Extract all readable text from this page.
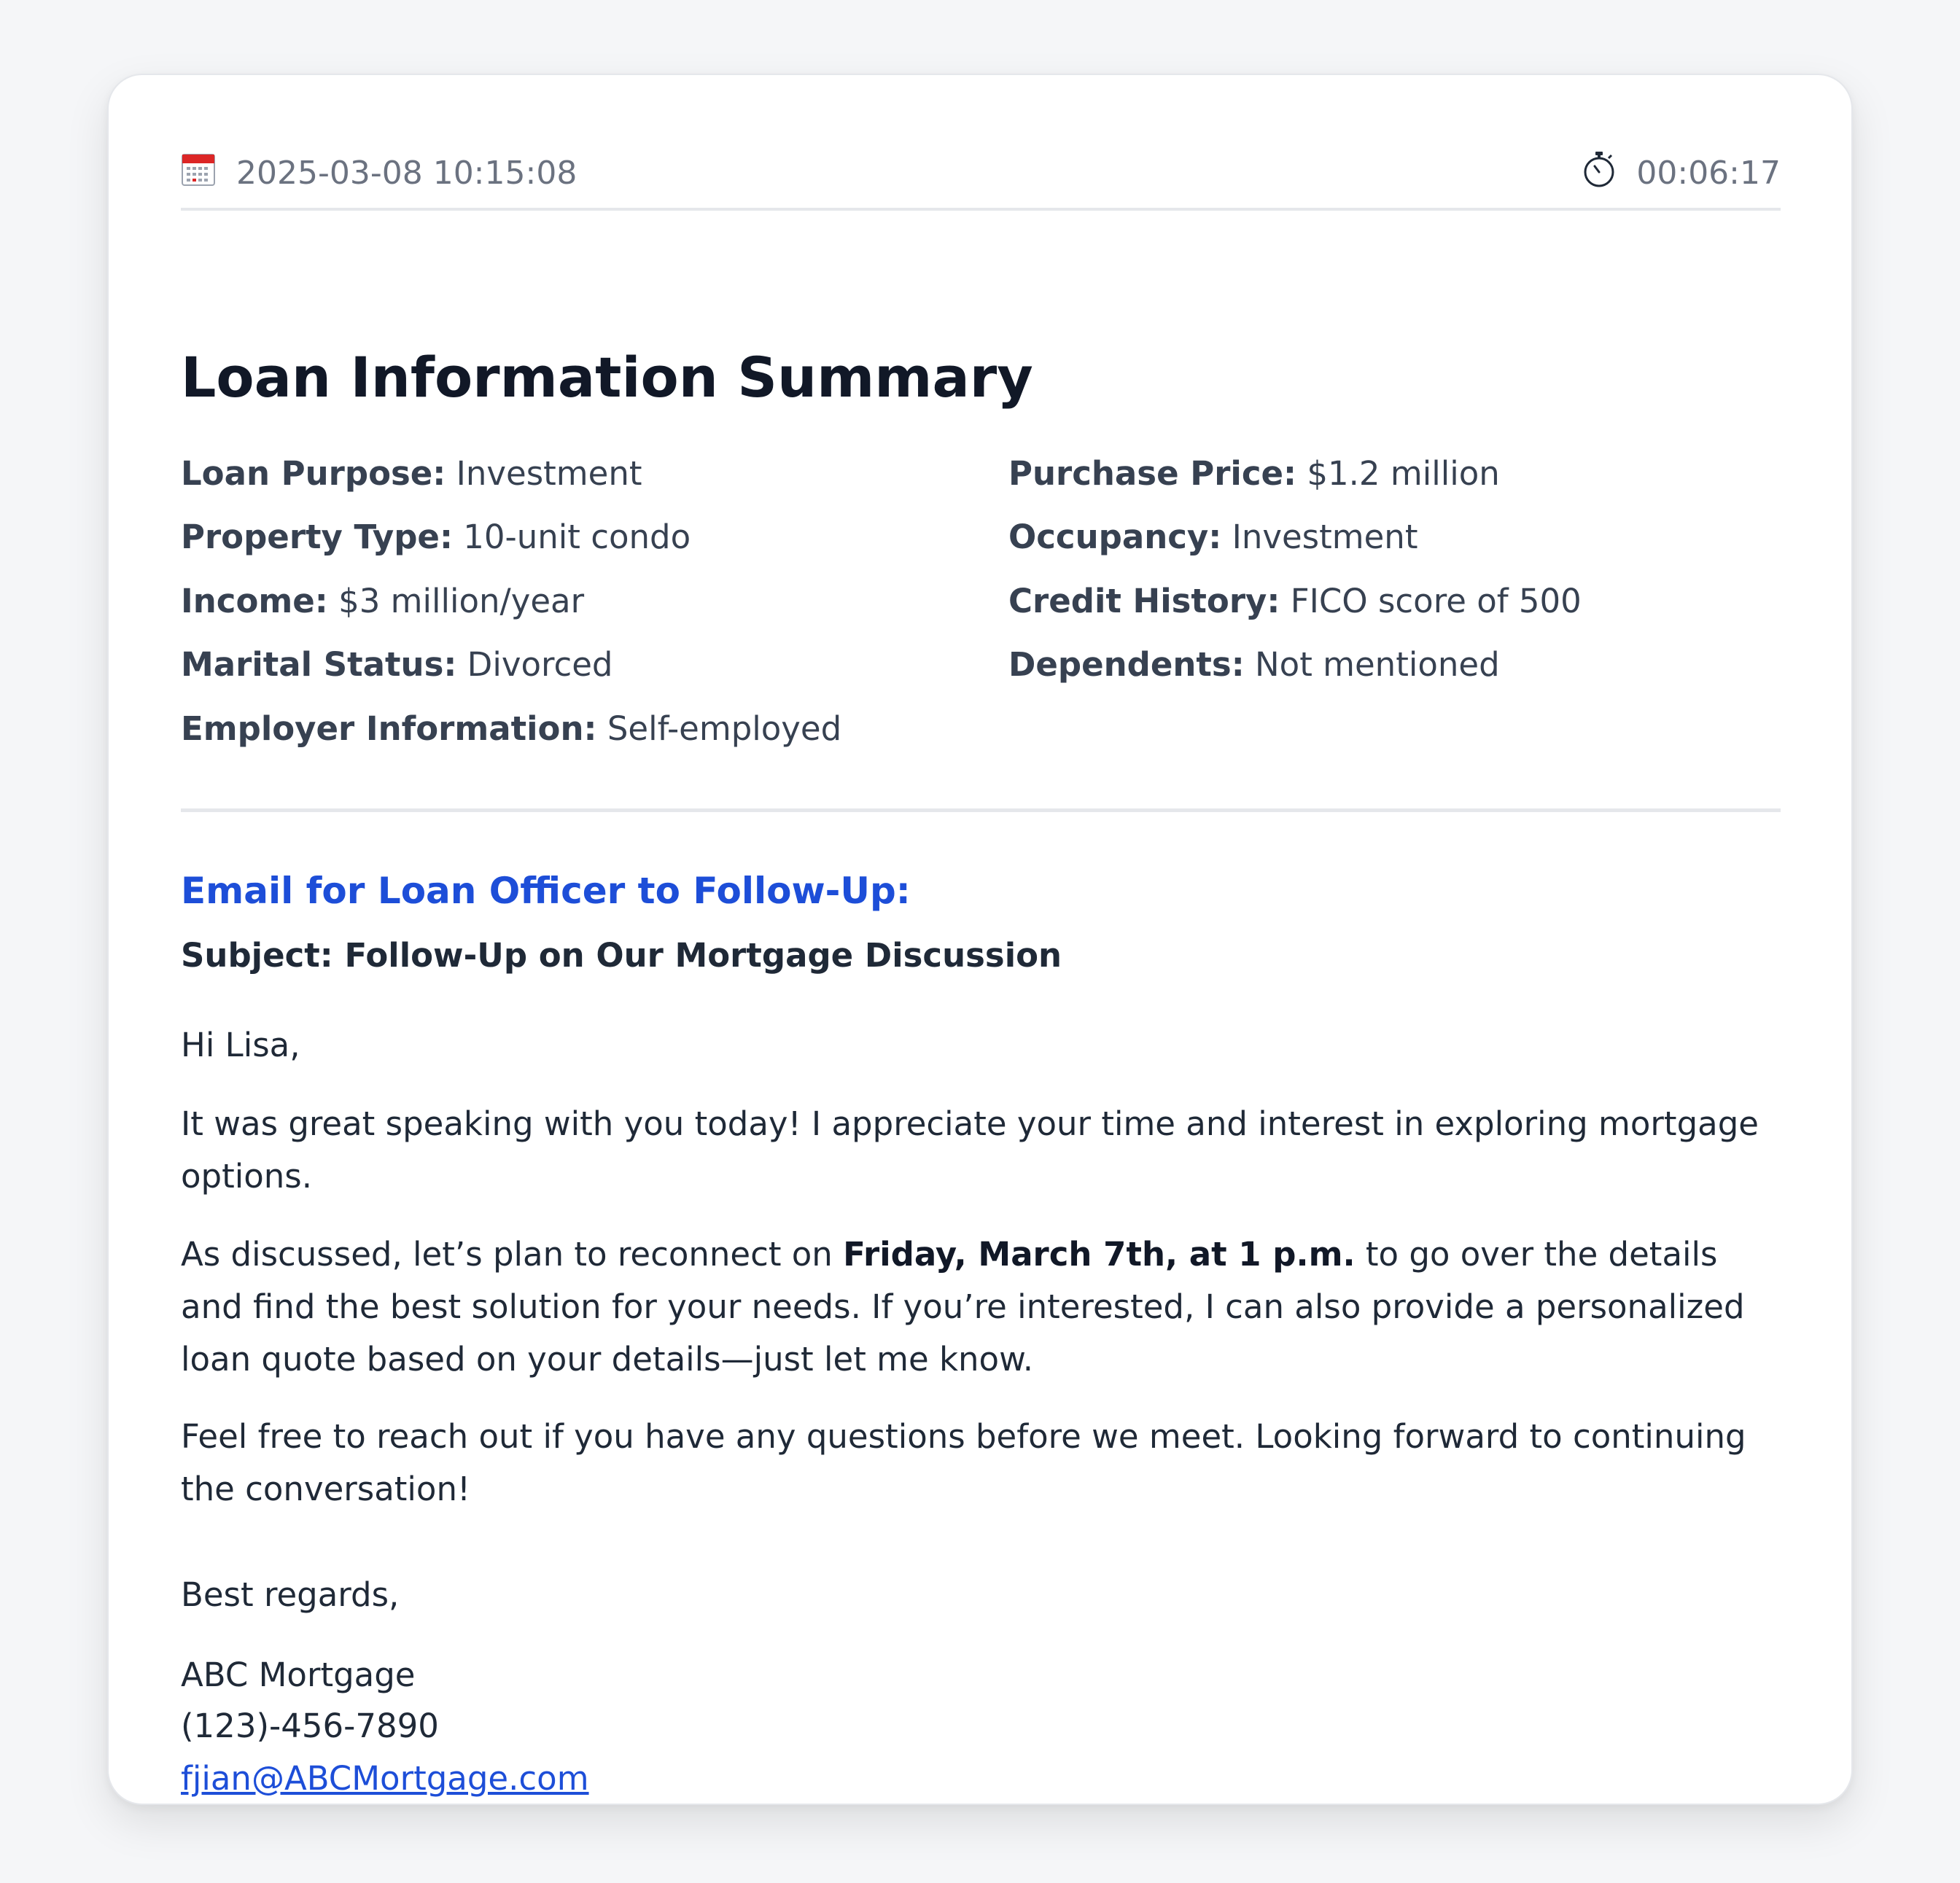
2025-03-08 10:15:08	00:06:17
Loan Information Summary
Loan Purpose: Investment	Purchase Price: $1.2 million
Property Type: 10-unit condo	Occupancy: Investment
Income: $3 million/year	Credit History: FICO score of 500
Marital Status: Divorced	Dependents: Not mentioned
Employer Information: Self-employed
Email for Loan Officer to Follow-Up:
Subject: Follow-Up on Our Mortgage Discussion

Hi Lisa,

It was great speaking with you today! I appreciate your time and interest in exploring mortgage options.

As discussed, let’s plan to reconnect on Friday, March 7th, at 1 p.m. to go over the details and find the best solution for your needs. If you’re interested, I can also provide a personalized loan quote based on your details—just let me know.

Feel free to reach out if you have any questions before we meet. Looking forward to continuing the conversation!

Best regards,
ABC Mortgage
(123)-456-7890
fjian@ABCMortgage.com
